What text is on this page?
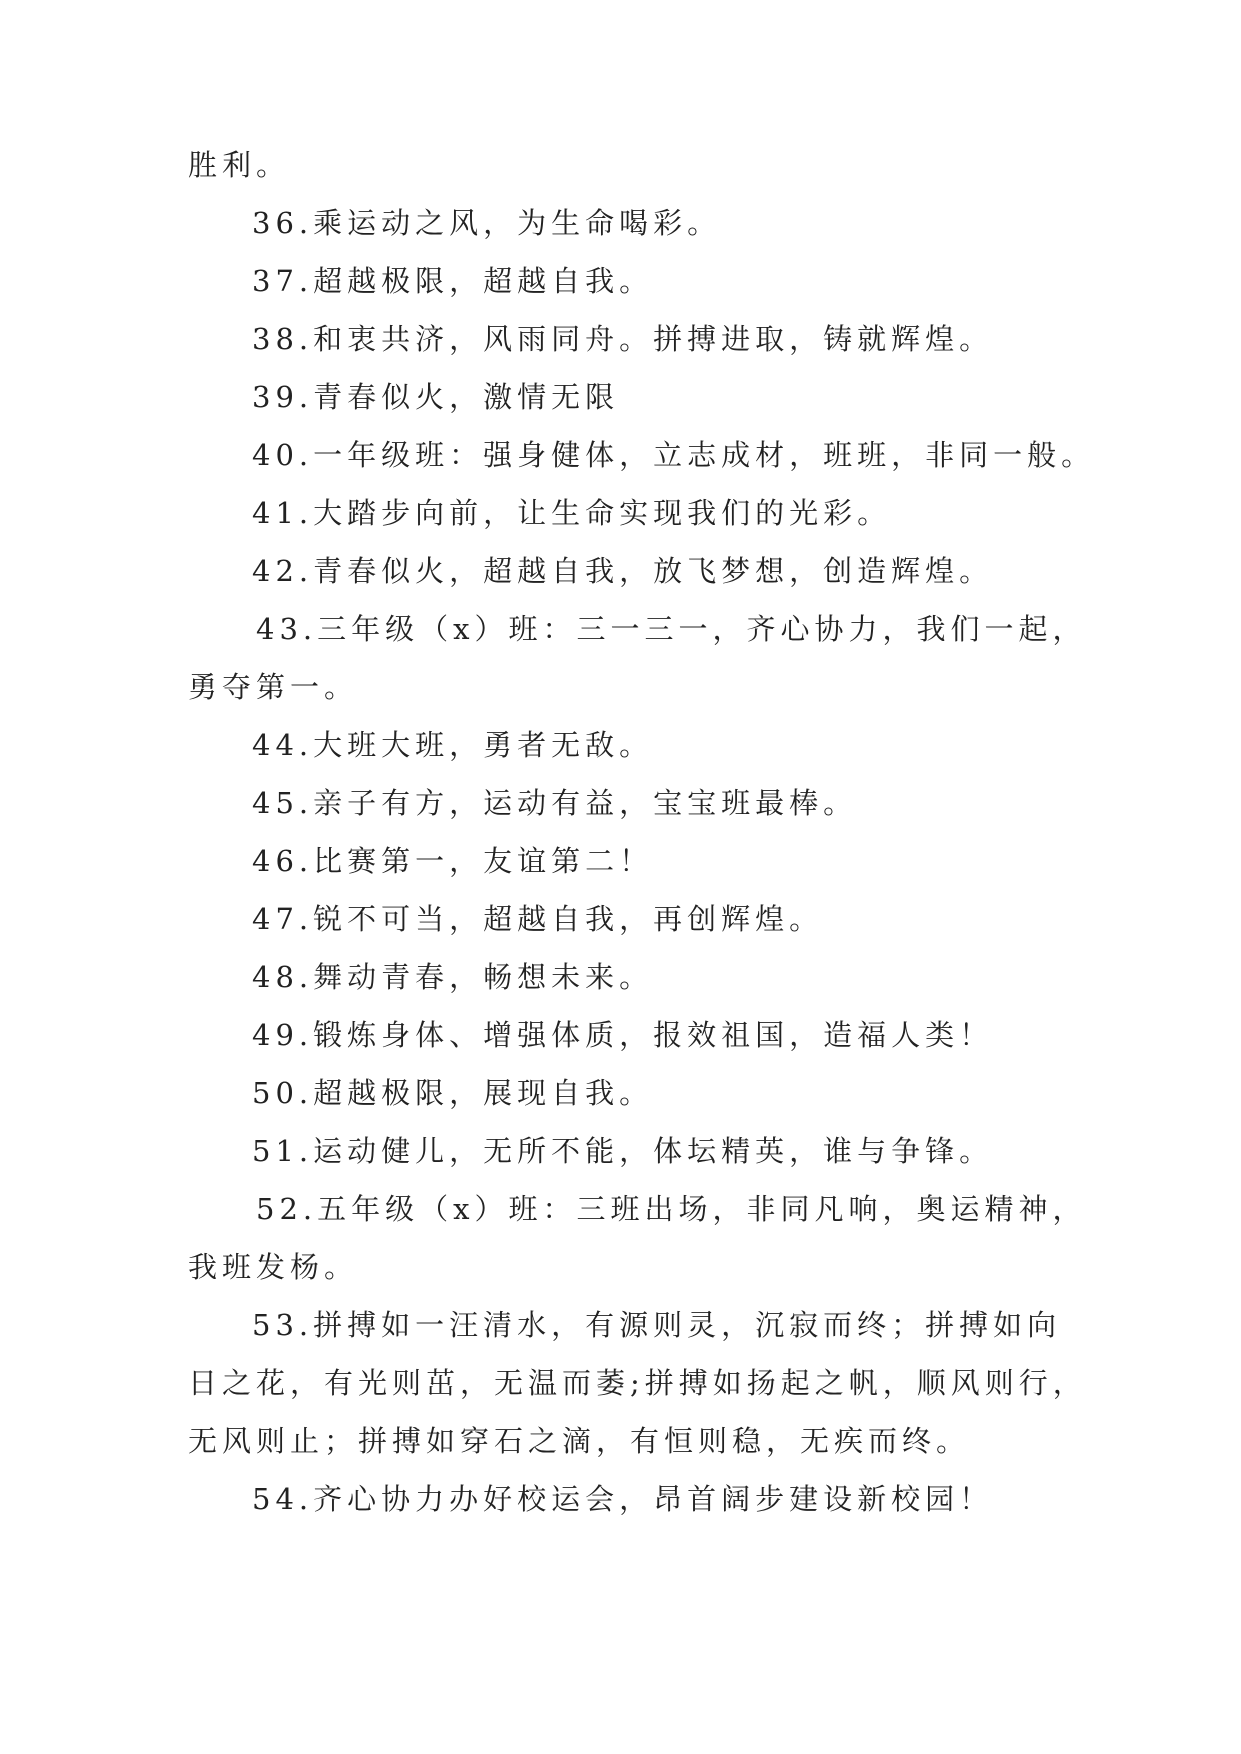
胜利。
36.乘运动之风，为生命喝彩。
37.超越极限，超越自我。
38.和衷共济，风雨同舟。拼搏进取，铸就辉煌。
39.青春似火，激情无限
40.一年级班：强身健体，立志成材，班班，非同一般。
41.大踏步向前，让生命实现我们的光彩。
42.青春似火，超越自我，放飞梦想，创造辉煌。
43.三年级（x）班：三一三一，齐心协力，我们一起，
勇夺第一。
44.大班大班，勇者无敌。
45.亲子有方，运动有益，宝宝班最棒。
46.比赛第一，友谊第二！
47.锐不可当，超越自我，再创辉煌。
48.舞动青春，畅想未来。
49.锻炼身体、增强体质，报效祖国，造福人类！
50.超越极限，展现自我。
51.运动健儿，无所不能，体坛精英，谁与争锋。
52.五年级（x）班：三班出场，非同凡响，奥运精神，
我班发杨。
53.拼搏如一汪清水，有源则灵，沉寂而终；拼搏如向
日之花，有光则茁，无温而萎;拼搏如扬起之帆，顺风则行，
无风则止；拼搏如穿石之滴，有恒则稳，无疾而终。
54.齐心协力办好校运会，昂首阔步建设新校园！
